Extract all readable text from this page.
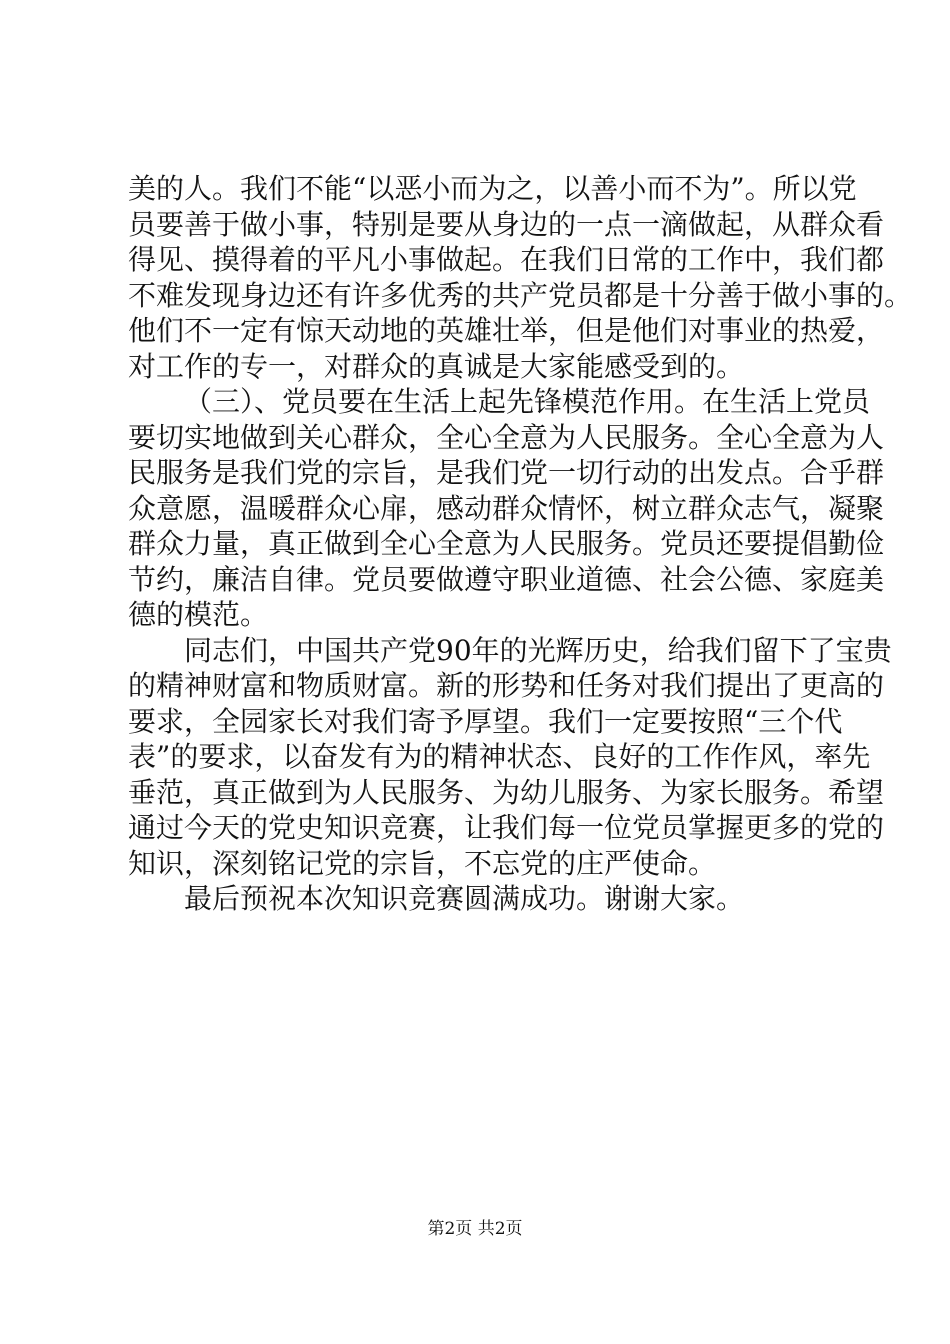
美的人。我们不能“以恶小而为之，以善小而不为”。所以党
员要善于做小事，特别是要从身边的一点一滴做起，从群众看
得见、摸得着的平凡小事做起。在我们日常的工作中，我们都
不难发现身边还有许多优秀的共产党员都是十分善于做小事的。
他们不一定有惊天动地的英雄壮举，但是他们对事业的热爱，
对工作的专一，对群众的真诚是大家能感受到的。
（三）、党员要在生活上起先锋模范作用。在生活上党员
要切实地做到关心群众，全心全意为人民服务。全心全意为人
民服务是我们党的宗旨，是我们党一切行动的出发点。合乎群
众意愿，温暖群众心扉，感动群众情怀，树立群众志气，凝聚
群众力量，真正做到全心全意为人民服务。党员还要提倡勤俭
节约，廉洁自律。党员要做遵守职业道德、社会公德、家庭美
德的模范。
同志们，中国共产党90年的光辉历史，给我们留下了宝贵
的精神财富和物质财富。新的形势和任务对我们提出了更高的
要求，全园家长对我们寄予厚望。我们一定要按照“三个代
表”的要求，以奋发有为的精神状态、良好的工作作风，率先
垂范，真正做到为人民服务、为幼儿服务、为家长服务。希望
通过今天的党史知识竞赛，让我们每一位党员掌握更多的党的
知识，深刻铭记党的宗旨，不忘党的庄严使命。
最后预祝本次知识竞赛圆满成功。谢谢大家。
第2页 共2页
